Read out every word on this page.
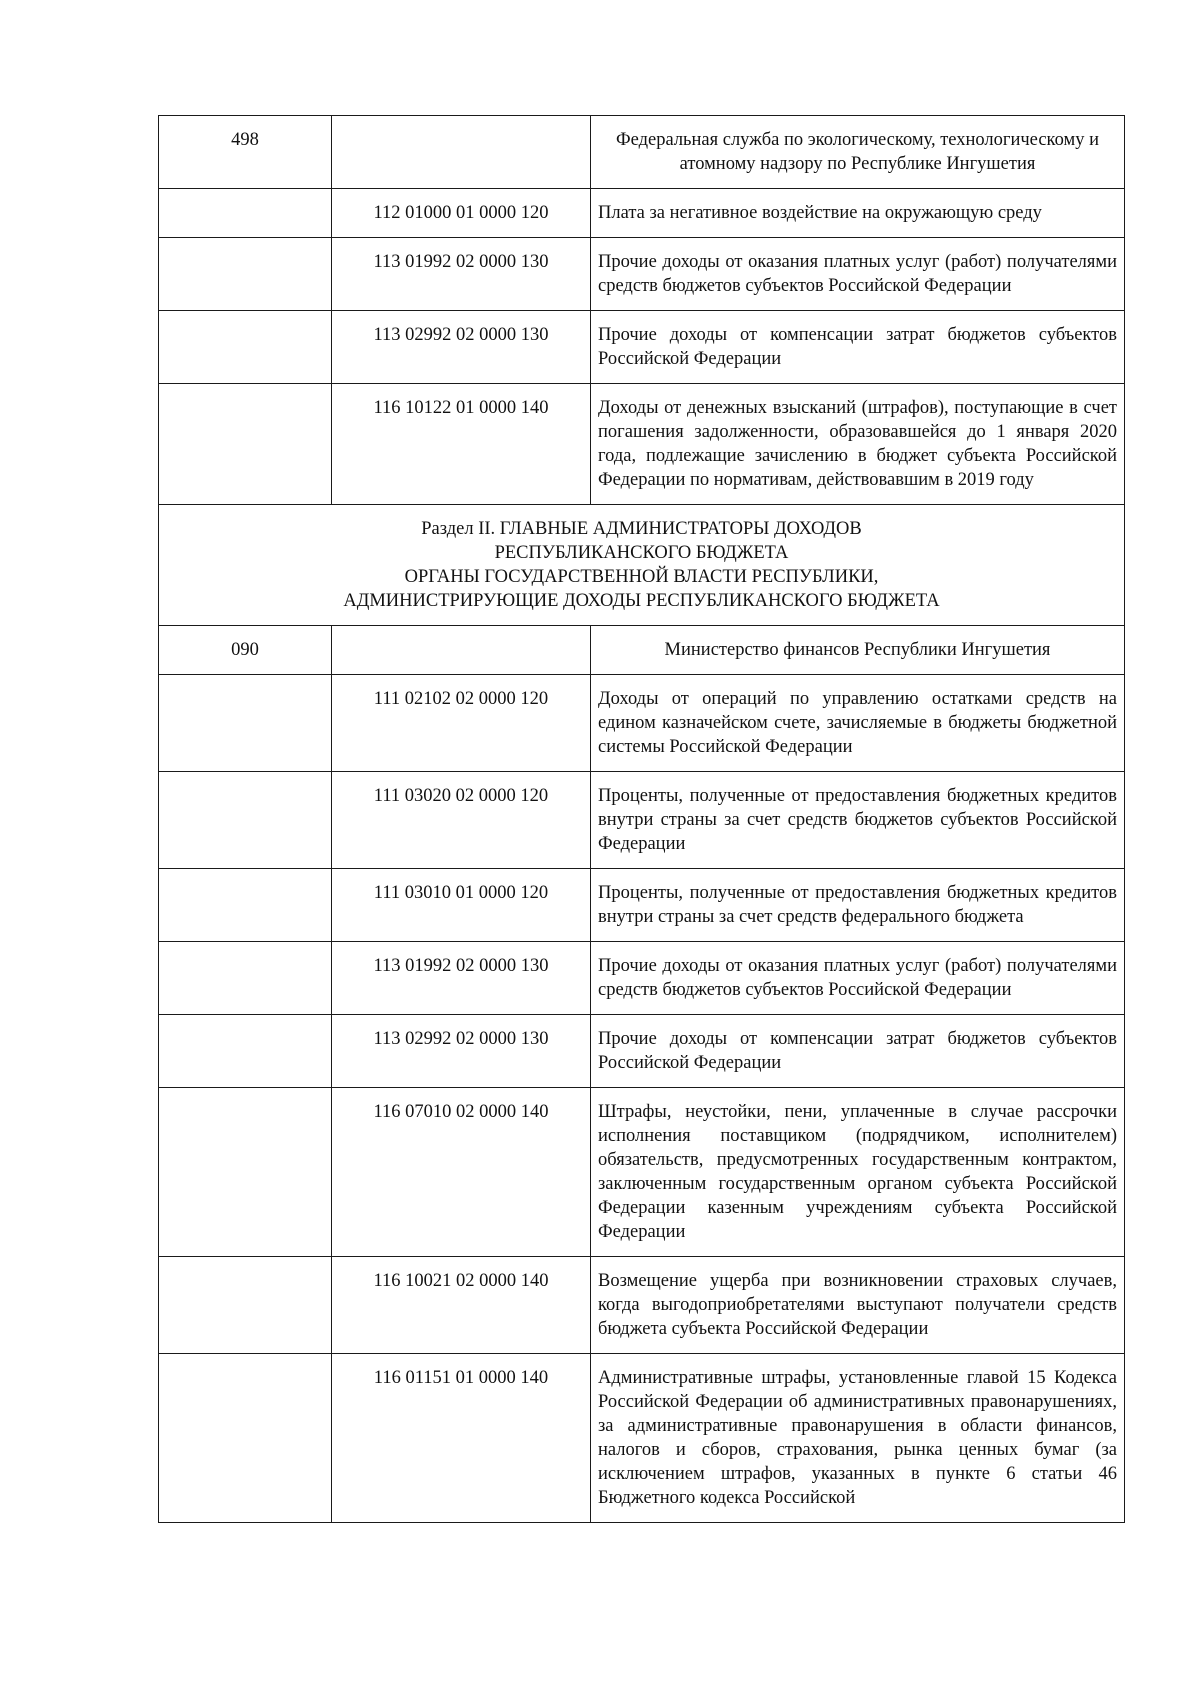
498		Федеральная служба по экологическому, технологическому и атомному надзору по Республике Ингушетия
	112 01000 01 0000 120	Плата за негативное воздействие на окружающую среду
	113 01992 02 0000 130	Прочие доходы от оказания платных услуг (работ) получателями средств бюджетов субъектов Российской Федерации
	113 02992 02 0000 130	Прочие доходы от компенсации затрат бюджетов субъектов Российской Федерации
	116 10122 01 0000 140	Доходы от денежных взысканий (штрафов), поступающие в счет погашения задолженности, образовавшейся до 1 января 2020 года, подлежащие зачислению в бюджет субъекта Российской Федерации по нормативам, действовавшим в 2019 году

Раздел II. ГЛАВНЫЕ АДМИНИСТРАТОРЫ ДОХОДОВ
РЕСПУБЛИКАНСКОГО БЮДЖЕТА
ОРГАНЫ ГОСУДАРСТВЕННОЙ ВЛАСТИ РЕСПУБЛИКИ,
АДМИНИСТРИРУЮЩИЕ ДОХОДЫ РЕСПУБЛИКАНСКОГО БЮДЖЕТА		

090		Министерство финансов Республики Ингушетия
	111 02102 02 0000 120	Доходы от операций по управлению остатками средств на едином казначейском счете, зачисляемые в бюджеты бюджетной системы Российской Федерации
	111 03020 02 0000 120	Проценты, полученные от предоставления бюджетных кредитов внутри страны за счет средств бюджетов субъектов Российской Федерации
	111 03010 01 0000 120	Проценты, полученные от предоставления бюджетных кредитов внутри страны за счет средств федерального бюджета
	113 01992 02 0000 130	Прочие доходы от оказания платных услуг (работ) получателями средств бюджетов субъектов Российской Федерации
	113 02992 02 0000 130	Прочие доходы от компенсации затрат бюджетов субъектов Российской Федерации
	116 07010 02 0000 140	Штрафы, неустойки, пени, уплаченные в случае рассрочки исполнения поставщиком (подрядчиком, исполнителем) обязательств, предусмотренных государственным контрактом, заключенным государственным органом субъекта Российской Федерации казенным учреждениям субъекта Российской Федерации
	116 10021 02 0000 140	Возмещение ущерба при возникновении страховых случаев, когда выгодоприобретателями выступают получатели средств бюджета субъекта Российской Федерации
	116 01151 01 0000 140	Административные штрафы, установленные главой 15 Кодекса Российской Федерации об административных правонарушениях, за административные правонарушения в области финансов, налогов и сборов, страхования, рынка ценных бумаг (за исключением штрафов, указанных в пункте 6 статьи 46 Бюджетного кодекса Российской
